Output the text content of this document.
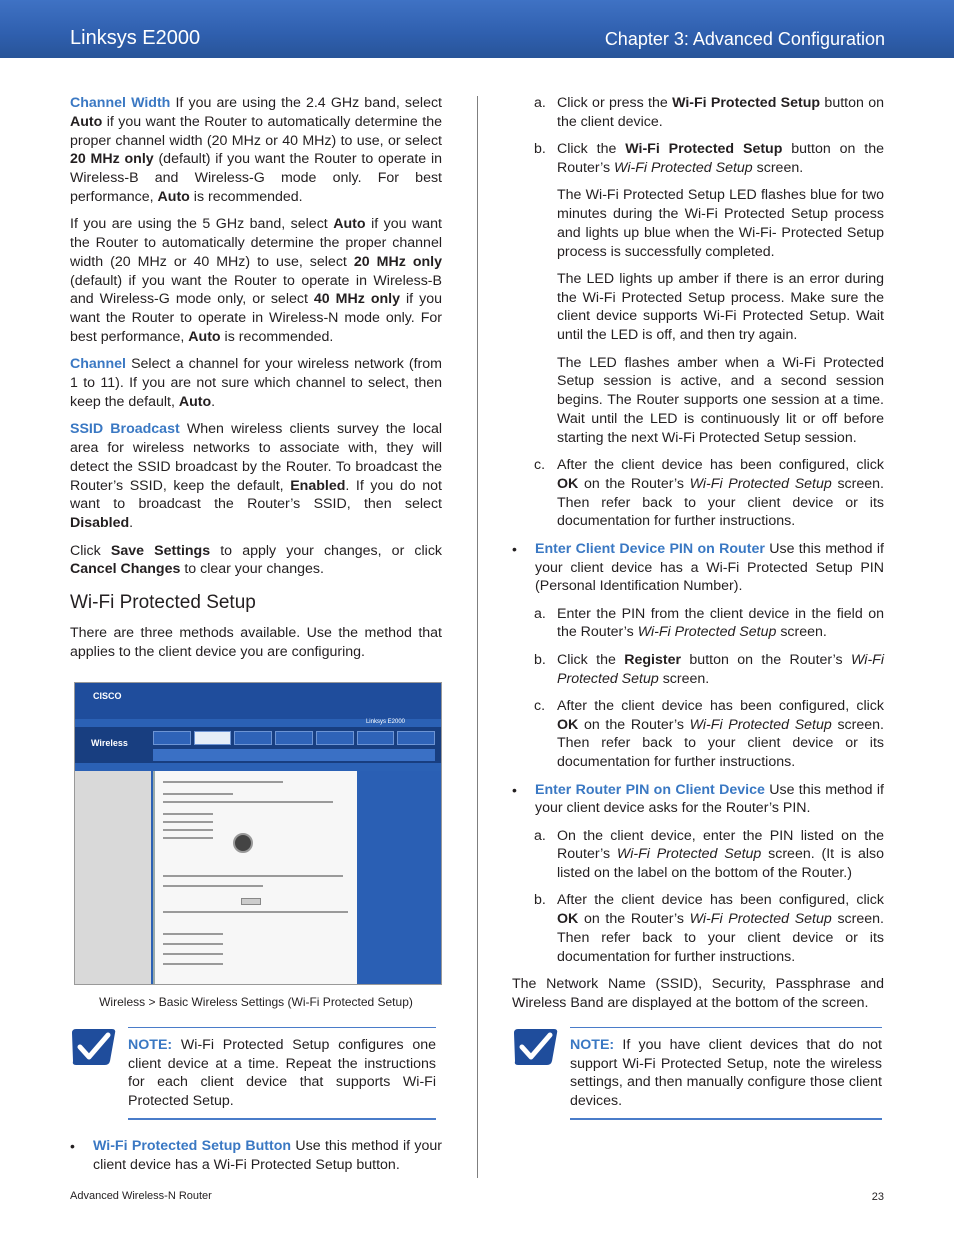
Linksys E2000	Chapter 3: Advanced Configuration

Channel Width If you are using the 2.4 GHz band, select Auto if you want the Router to automatically determine the proper channel width (20 MHz or 40 MHz) to use, or select 20 MHz only (default) if you want the Router to operate in Wireless-B and Wireless-G mode only. For best performance, Auto is recommended.

If you are using the 5 GHz band, select Auto if you want the Router to automatically determine the proper channel width (20 MHz or 40 MHz) to use, select 20 MHz only (default) if you want the Router to operate in Wireless-B and Wireless-G mode only, or select 40 MHz only if you want the Router to operate in Wireless-N mode only. For best performance, Auto is recommended.

Channel Select a channel for your wireless network (from 1 to 11). If you are not sure which channel to select, then keep the default, Auto.

SSID Broadcast When wireless clients survey the local area for wireless networks to associate with, they will detect the SSID broadcast by the Router. To broadcast the Router’s SSID, keep the default, Enabled. If you do not want to broadcast the Router’s SSID, then select Disabled.

Click Save Settings to apply your changes, or click Cancel Changes to clear your changes.

Wi-Fi Protected Setup

There are three methods available. Use the method that applies to the client device you are configuring.

CISCO
Linksys E2000
Wireless
Wireless > Basic Wireless Settings (Wi-Fi Protected Setup)

NOTE: Wi-Fi Protected Setup configures one client device at a time. Repeat the instructions for each client device that supports Wi-Fi Protected Setup.

• Wi-Fi Protected Setup Button Use this method if your client device has a Wi-Fi Protected Setup button.

a. Click or press the Wi-Fi Protected Setup button on the client device.

b. Click the Wi-Fi Protected Setup button on the Router’s Wi-Fi Protected Setup screen.

The Wi-Fi Protected Setup LED flashes blue for two minutes during the Wi-Fi Protected Setup process and lights up blue when the Wi-Fi- Protected Setup process is successfully completed.

The LED lights up amber if there is an error during the Wi-Fi Protected Setup process. Make sure the client device supports Wi-Fi Protected Setup. Wait until the LED is off, and then try again.

The LED flashes amber when a Wi-Fi Protected Setup session is active, and a second session begins. The Router supports one session at a time. Wait until the LED is continuously lit or off before starting the next Wi-Fi Protected Setup session.

c. After the client device has been configured, click OK on the Router’s Wi-Fi Protected Setup screen. Then refer back to your client device or its documentation for further instructions.

• Enter Client Device PIN on Router Use this method if your client device has a Wi-Fi Protected Setup PIN (Personal Identification Number).

a. Enter the PIN from the client device in the field on the Router’s Wi-Fi Protected Setup screen.

b. Click the Register button on the Router’s Wi-Fi Protected Setup screen.

c. After the client device has been configured, click OK on the Router’s Wi-Fi Protected Setup screen. Then refer back to your client device or its documentation for further instructions.

• Enter Router PIN on Client Device Use this method if your client device asks for the Router’s PIN.

a. On the client device, enter the PIN listed on the Router’s Wi-Fi Protected Setup screen. (It is also listed on the label on the bottom of the Router.)

b. After the client device has been configured, click OK on the Router’s Wi-Fi Protected Setup screen. Then refer back to your client device or its documentation for further instructions.

The Network Name (SSID), Security, Passphrase and Wireless Band are displayed at the bottom of the screen.

NOTE: If you have client devices that do not support Wi-Fi Protected Setup, note the wireless settings, and then manually configure those client devices.

Advanced Wireless-N Router	23
